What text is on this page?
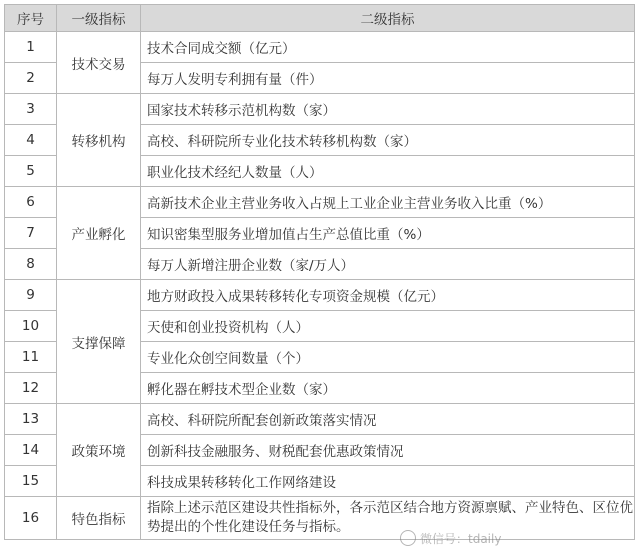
序号	一级指标	二级指标
1	技术交易	技术合同成交额（亿元）
2		每万人发明专利拥有量（件）
3	转移机构	国家技术转移示范机构数（家）
4		高校、科研院所专业化技术转移机构数（家）
5		职业化技术经纪人数量（人）
6	产业孵化	高新技术企业主营业务收入占规上工业企业主营业务收入比重（%）
7		知识密集型服务业增加值占生产总值比重（%）
8		每万人新增注册企业数（家/万人）
9	支撑保障	地方财政投入成果转移转化专项资金规模（亿元）
10		天使和创业投资机构（人）
11		专业化众创空间数量（个）
12		孵化器在孵技术型企业数（家）
13	政策环境	高校、科研院所配套创新政策落实情况
14		创新科技金融服务、财税配套优惠政策情况
15		科技成果转移转化工作网络建设
16	特色指标	指除上述示范区建设共性指标外，各示范区结合地方资源禀赋、产业特色、区位优势提出的个性化建设任务与指标。
微信号：tdaily
